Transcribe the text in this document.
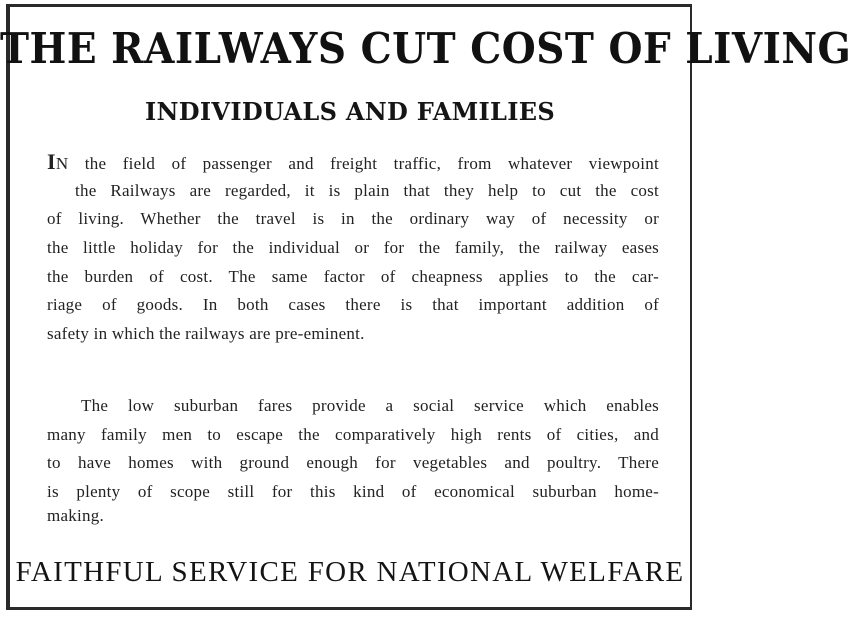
THE RAILWAYS CUT COST OF LIVING
INDIVIDUALS AND FAMILIES
IN the field of passenger and freight traffic, from whatever viewpoint
the Railways are regarded, it is plain that they help to cut the cost
of living. Whether the travel is in the ordinary way of necessity or
the little holiday for the individual or for the family, the railway eases
the burden of cost. The same factor of cheapness applies to the car-
riage of goods. In both cases there is that important addition of
safety in which the railways are pre-eminent.
The low suburban fares provide a social service which enables
many family men to escape the comparatively high rents of cities, and
to have homes with ground enough for vegetables and poultry. There
is plenty of scope still for this kind of economical suburban home-
making.
FAITHFUL SERVICE FOR NATIONAL WELFARE
